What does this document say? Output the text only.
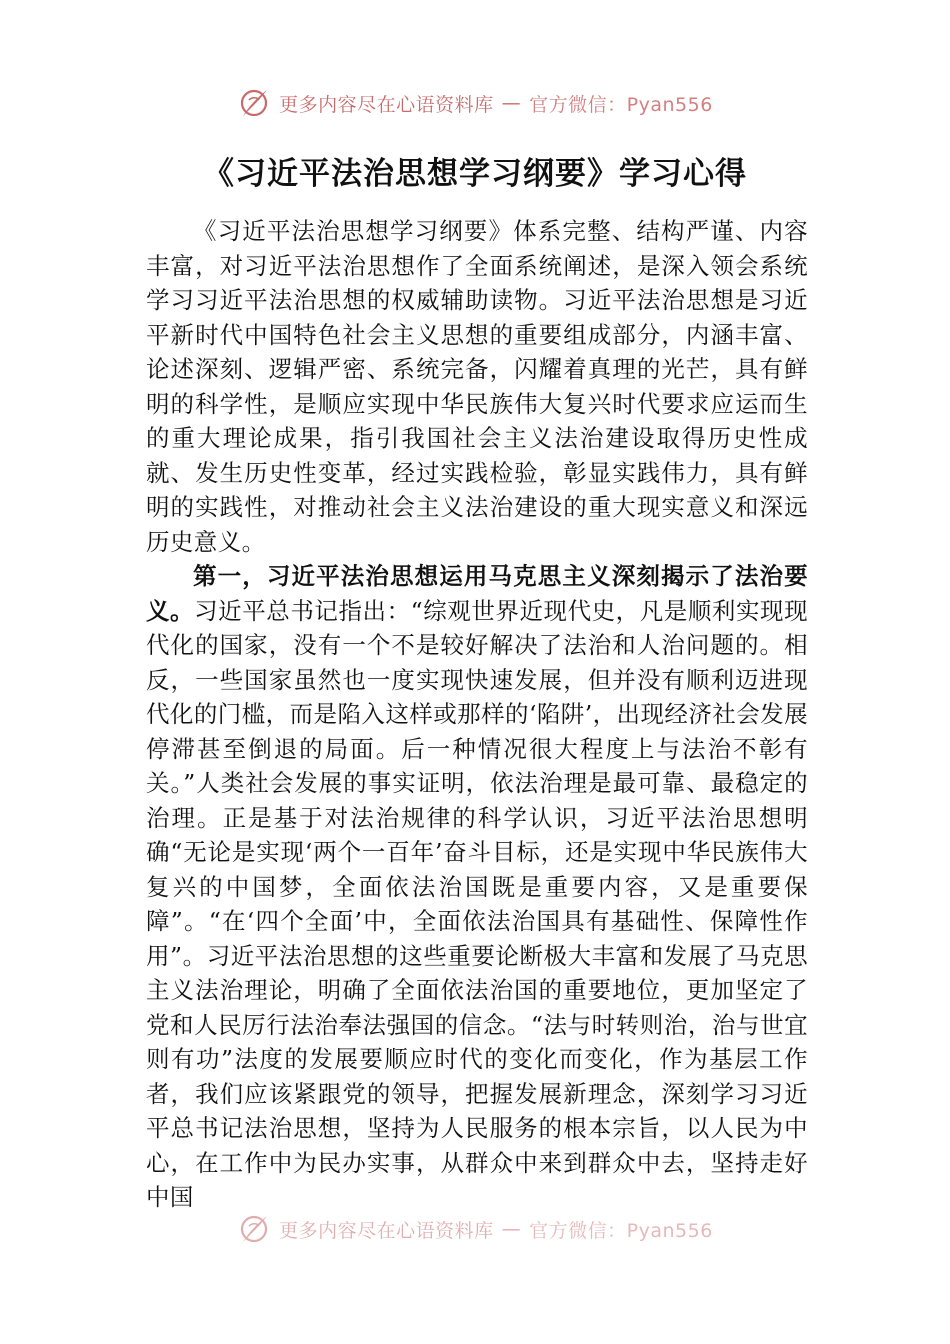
更多内容尽在心语资料库 — 官方微信：Pyan556
《习近平法治思想学习纲要》学习心得

《习近平法治思想学习纲要》体系完整、结构严谨、内容丰富，对习近平法治思想作了全面系统阐述，是深入领会系统学习习近平法治思想的权威辅助读物。习近平法治思想是习近平新时代中国特色社会主义思想的重要组成部分，内涵丰富、论述深刻、逻辑严密、系统完备，闪耀着真理的光芒，具有鲜明的科学性，是顺应实现中华民族伟大复兴时代要求应运而生的重大理论成果，指引我国社会主义法治建设取得历史性成就、发生历史性变革，经过实践检验，彰显实践伟力，具有鲜明的实践性，对推动社会主义法治建设的重大现实意义和深远历史意义。

第一，习近平法治思想运用马克思主义深刻揭示了法治要义。习近平总书记指出：“综观世界近现代史，凡是顺利实现现代化的国家，没有一个不是较好解决了法治和人治问题的。相反，一些国家虽然也一度实现快速发展，但并没有顺利迈进现代化的门槛，而是陷入这样或那样的‘陷阱’，出现经济社会发展停滞甚至倒退的局面。后一种情况很大程度上与法治不彰有关。”人类社会发展的事实证明，依法治理是最可靠、最稳定的治理。正是基于对法治规律的科学认识，习近平法治思想明确“无论是实现‘两个一百年’奋斗目标，还是实现中华民族伟大复兴的中国梦，全面依法治国既是重要内容，又是重要保障”。“在‘四个全面’中，全面依法治国具有基础性、保障性作用”。习近平法治思想的这些重要论断极大丰富和发展了马克思主义法治理论，明确了全面依法治国的重要地位，更加坚定了党和人民厉行法治奉法强国的信念。“法与时转则治，治与世宜则有功”法度的发展要顺应时代的变化而变化，作为基层工作者，我们应该紧跟党的领导，把握发展新理念，深刻学习习近平总书记法治思想，坚持为人民服务的根本宗旨，以人民为中心，在工作中为民办实事，从群众中来到群众中去，坚持走好中国

更多内容尽在心语资料库 — 官方微信：Pyan556
